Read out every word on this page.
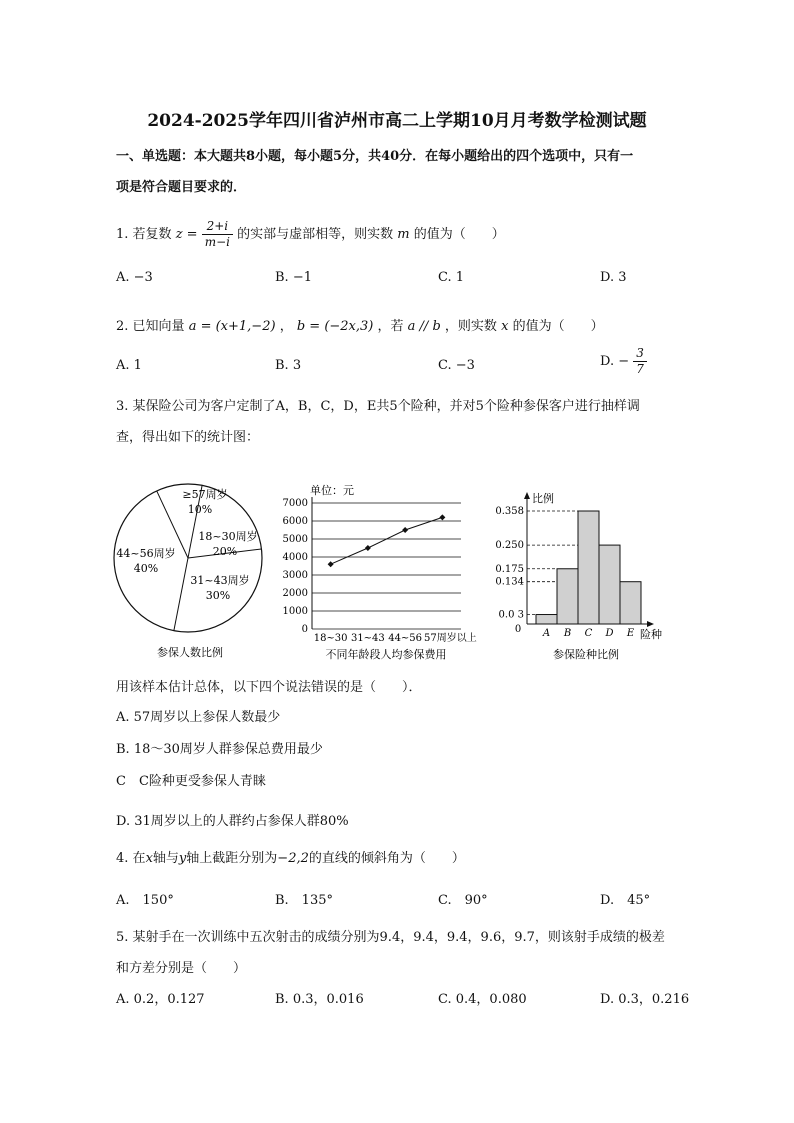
2024-2025学年四川省泸州市高二上学期10月月考数学检测试题
一、单选题：本大题共8小题，每小题5分，共40分．在每小题给出的四个选项中，只有一
项是符合题目要求的．
1. 若复数 $z = \frac{2+i}{m-i}$ 的实部与虚部相等，则实数 m 的值为（　　）
A. −3	B. −1	C. 1	D. 3
2. 已知向量 a = (x+1,−2) ， b = (−2x,3) ，若 a // b ，则实数 x 的值为（　　）
A. 1	B. 3	C. −3	D. − $\frac{3}{7}$
3. 某保险公司为客户定制了A，B，C，D，E共5个险种，并对5个险种参保客户进行抽样调
查，得出如下的统计图：
≥57周岁
10%
18~30周岁
20%
31~43周岁
30%
44~56周岁
40%
参保人数比例
单位：元
0
1000
2000
3000
4000
5000
6000
7000
18~30 31~43 44~56 57周岁以上
不同年龄段人均参保费用
比例
0.0 3
0.134
0.175
0.250
0.358
A B C D E
0	险种
参保险种比例
用该样本估计总体，以下四个说法错误的是（　　）．
A. 57周岁以上参保人数最少
B. 18～30周岁人群参保总费用最少
C　C险种更受参保人青睐
D. 31周岁以上的人群约占参保人群80%
4. 在x轴与y轴上截距分别为−2,2的直线的倾斜角为（　　）
A.　150°	B.　135°	C.　90°	D.　45°
5. 某射手在一次训练中五次射击的成绩分别为9.4，9.4，9.4，9.6，9.7，则该射手成绩的极差
和方差分别是（　　）
A. 0.2，0.127	B. 0.3，0.016	C. 0.4，0.080	D. 0.3，0.216
